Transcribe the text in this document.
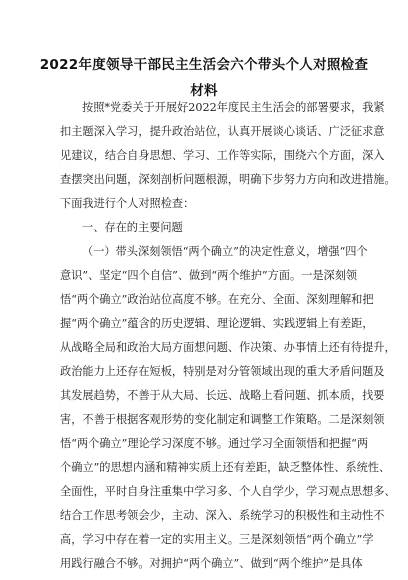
2022年度领导干部民主生活会六个带头个人对照检查
材料
按照*党委关于开展好2022年度民主生活会的部署要求，我紧
扣主题深入学习，提升政治站位，认真开展谈心谈话、广泛征求意
见建议，结合自身思想、学习、工作等实际，围绕六个方面，深入
查摆突出问题，深刻剖析问题根源，明确下步努力方向和改进措施。
下面我进行个人对照检查：
一、存在的主要问题
（一）带头深刻领悟“两个确立”的决定性意义，增强“四个
意识”、坚定“四个自信”、做到“两个维护”方面。一是深刻领
悟“两个确立”政治站位高度不够。在充分、全面、深刻理解和把
握“两个确立”蕴含的历史逻辑、理论逻辑、实践逻辑上有差距，
从战略全局和政治大局方面想问题、作决策、办事情上还有待提升，
政治能力上还存在短板，特别是对分管领域出现的重大矛盾问题及
其发展趋势，不善于从大局、长远、战略上看问题、抓本质，找要
害，不善于根据客观形势的变化制定和调整工作策略。二是深刻领
悟“两个确立”理论学习深度不够。通过学习全面领悟和把握“两
个确立”的思想内涵和精神实质上还有差距，缺乏整体性、系统性、
全面性，平时自身注重集中学习多、个人自学少，学习观点思想多、
结合工作思考领会少，主动、深入、系统学习的积极性和主动性不
高，学习中存在着一定的实用主义。三是深刻领悟“两个确立”学
用践行融合不够。对拥护“两个确立”、做到“两个维护”是具体
